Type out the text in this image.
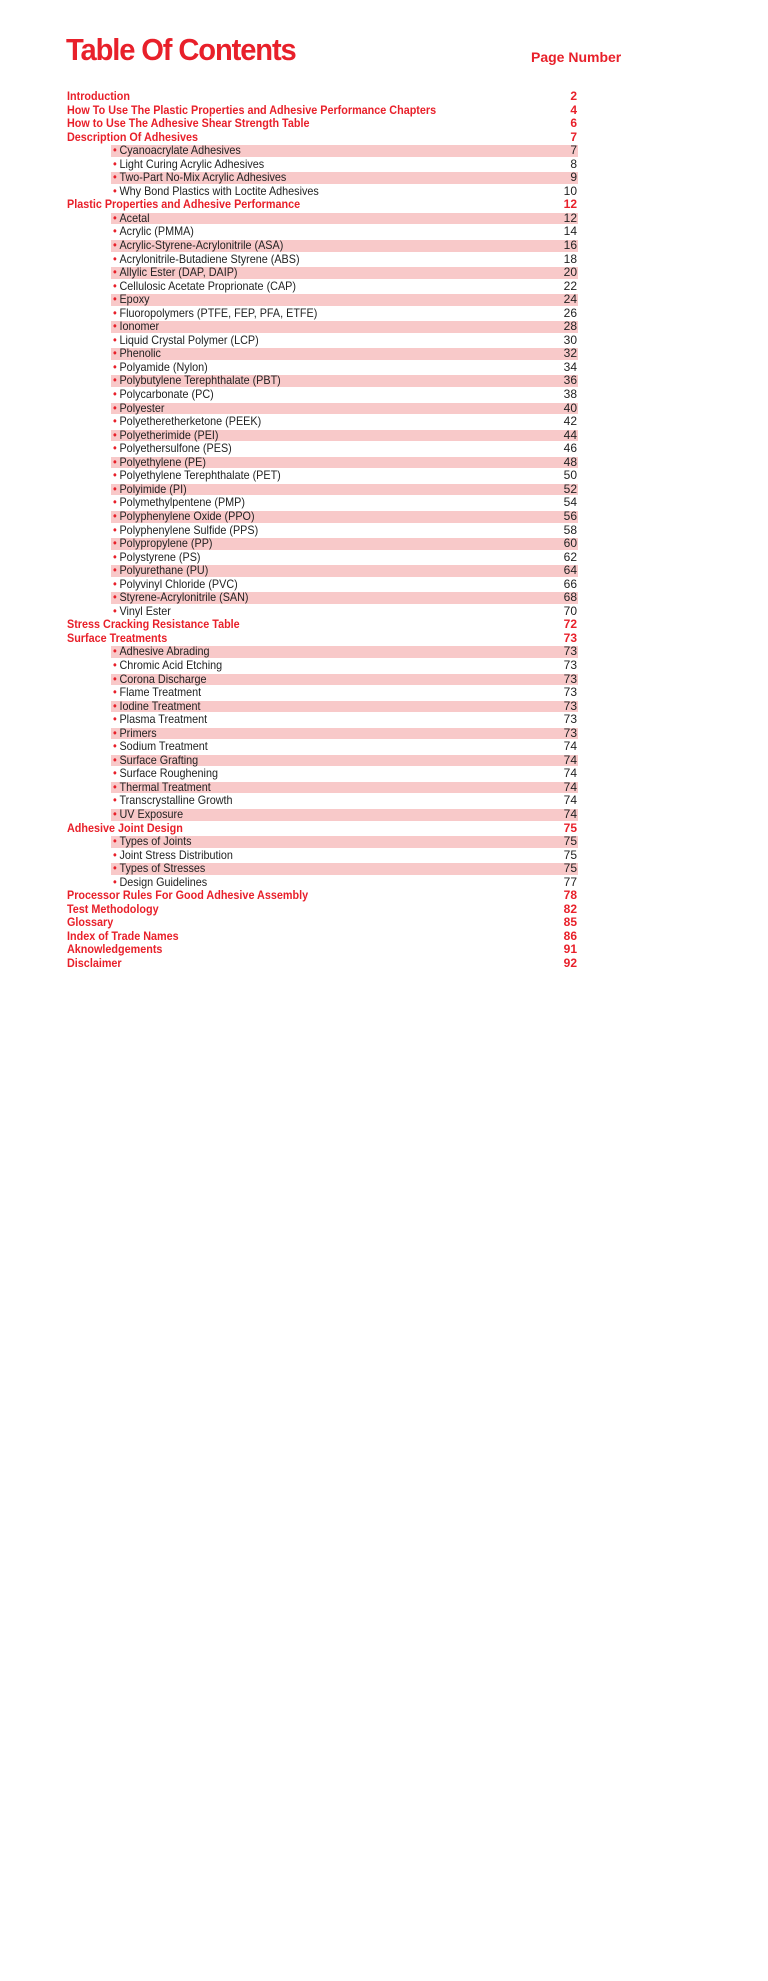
Table Of Contents	Page Number
Introduction	2
How To Use The Plastic Properties and Adhesive Performance Chapters	4
How to Use The Adhesive Shear Strength Table	6
Description Of Adhesives	7
• Cyanoacrylate Adhesives	7
• Light Curing Acrylic Adhesives	8
• Two-Part No-Mix Acrylic Adhesives	9
• Why Bond Plastics with Loctite Adhesives	10
Plastic Properties and Adhesive Performance	12
• Acetal	12
• Acrylic (PMMA)	14
• Acrylic-Styrene-Acrylonitrile (ASA)	16
• Acrylonitrile-Butadiene Styrene (ABS)	18
• Allylic Ester (DAP, DAIP)	20
• Cellulosic Acetate Proprionate (CAP)	22
• Epoxy	24
• Fluoropolymers (PTFE, FEP, PFA, ETFE)	26
• Ionomer	28
• Liquid Crystal Polymer (LCP)	30
• Phenolic	32
• Polyamide (Nylon)	34
• Polybutylene Terephthalate (PBT)	36
• Polycarbonate (PC)	38
• Polyester	40
• Polyetheretherketone (PEEK)	42
• Polyetherimide (PEI)	44
• Polyethersulfone (PES)	46
• Polyethylene (PE)	48
• Polyethylene Terephthalate (PET)	50
• Polyimide (PI)	52
• Polymethylpentene (PMP)	54
• Polyphenylene Oxide (PPO)	56
• Polyphenylene Sulfide (PPS)	58
• Polypropylene (PP)	60
• Polystyrene (PS)	62
• Polyurethane (PU)	64
• Polyvinyl Chloride (PVC)	66
• Styrene-Acrylonitrile (SAN)	68
• Vinyl Ester	70
Stress Cracking Resistance Table	72
Surface Treatments	73
• Adhesive Abrading	73
• Chromic Acid Etching	73
• Corona Discharge	73
• Flame Treatment	73
• Iodine Treatment	73
• Plasma Treatment	73
• Primers	73
• Sodium Treatment	74
• Surface Grafting	74
• Surface Roughening	74
• Thermal Treatment	74
• Transcrystalline Growth	74
• UV Exposure	74
Adhesive Joint Design	75
• Types of Joints	75
• Joint Stress Distribution	75
• Types of Stresses	75
• Design Guidelines	77
Processor Rules For Good Adhesive Assembly	78
Test Methodology	82
Glossary	85
Index of Trade Names	86
Aknowledgements	91
Disclaimer	92
